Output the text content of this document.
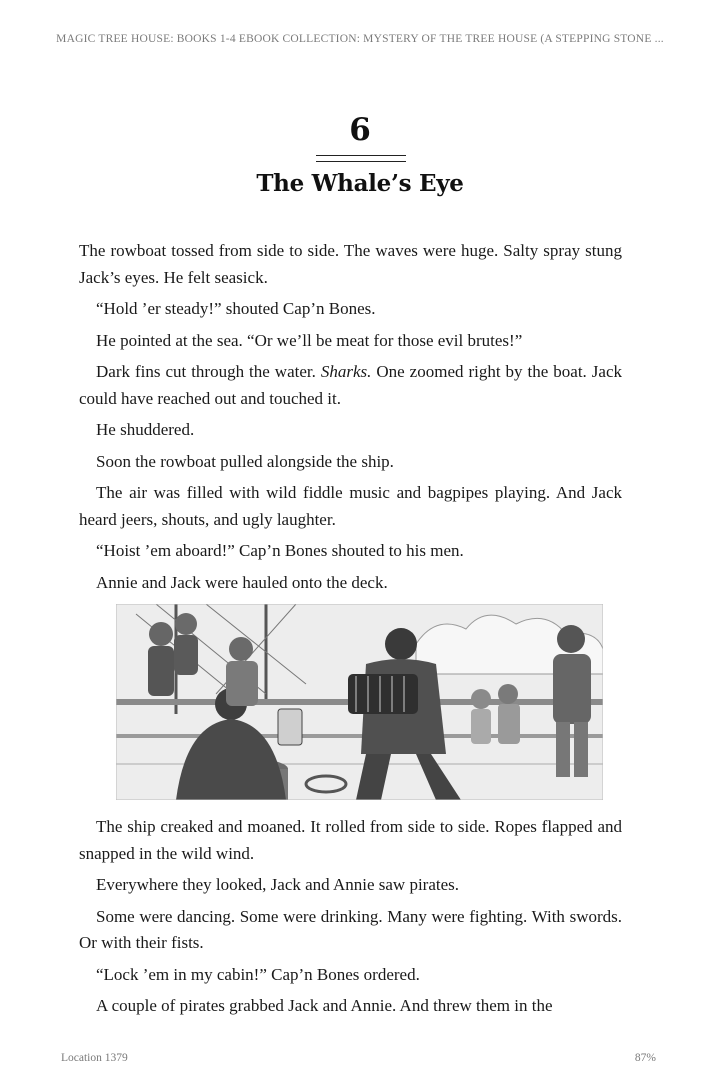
MAGIC TREE HOUSE: BOOKS 1-4 EBOOK COLLECTION: MYSTERY OF THE TREE HOUSE (A STEPPING STONE ...
6
The Whale’s Eye

The rowboat tossed from side to side. The waves were huge. Salty spray stung Jack’s eyes. He felt seasick.

“Hold ’er steady!” shouted Cap’n Bones.

He pointed at the sea. “Or we’ll be meat for those evil brutes!”

Dark fins cut through the water. Sharks. One zoomed right by the boat. Jack could have reached out and touched it.

He shuddered.

Soon the rowboat pulled alongside the ship.

The air was filled with wild fiddle music and bagpipes playing. And Jack heard jeers, shouts, and ugly laughter.

“Hoist ’em aboard!” Cap’n Bones shouted to his men.

Annie and Jack were hauled onto the deck.

The ship creaked and moaned. It rolled from side to side. Ropes flapped and snapped in the wild wind.

Everywhere they looked, Jack and Annie saw pirates.

Some were dancing. Some were drinking. Many were fighting. With swords. Or with their fists.

“Lock ’em in my cabin!” Cap’n Bones ordered.

A couple of pirates grabbed Jack and Annie. And threw them in the

Location 1379	87%
